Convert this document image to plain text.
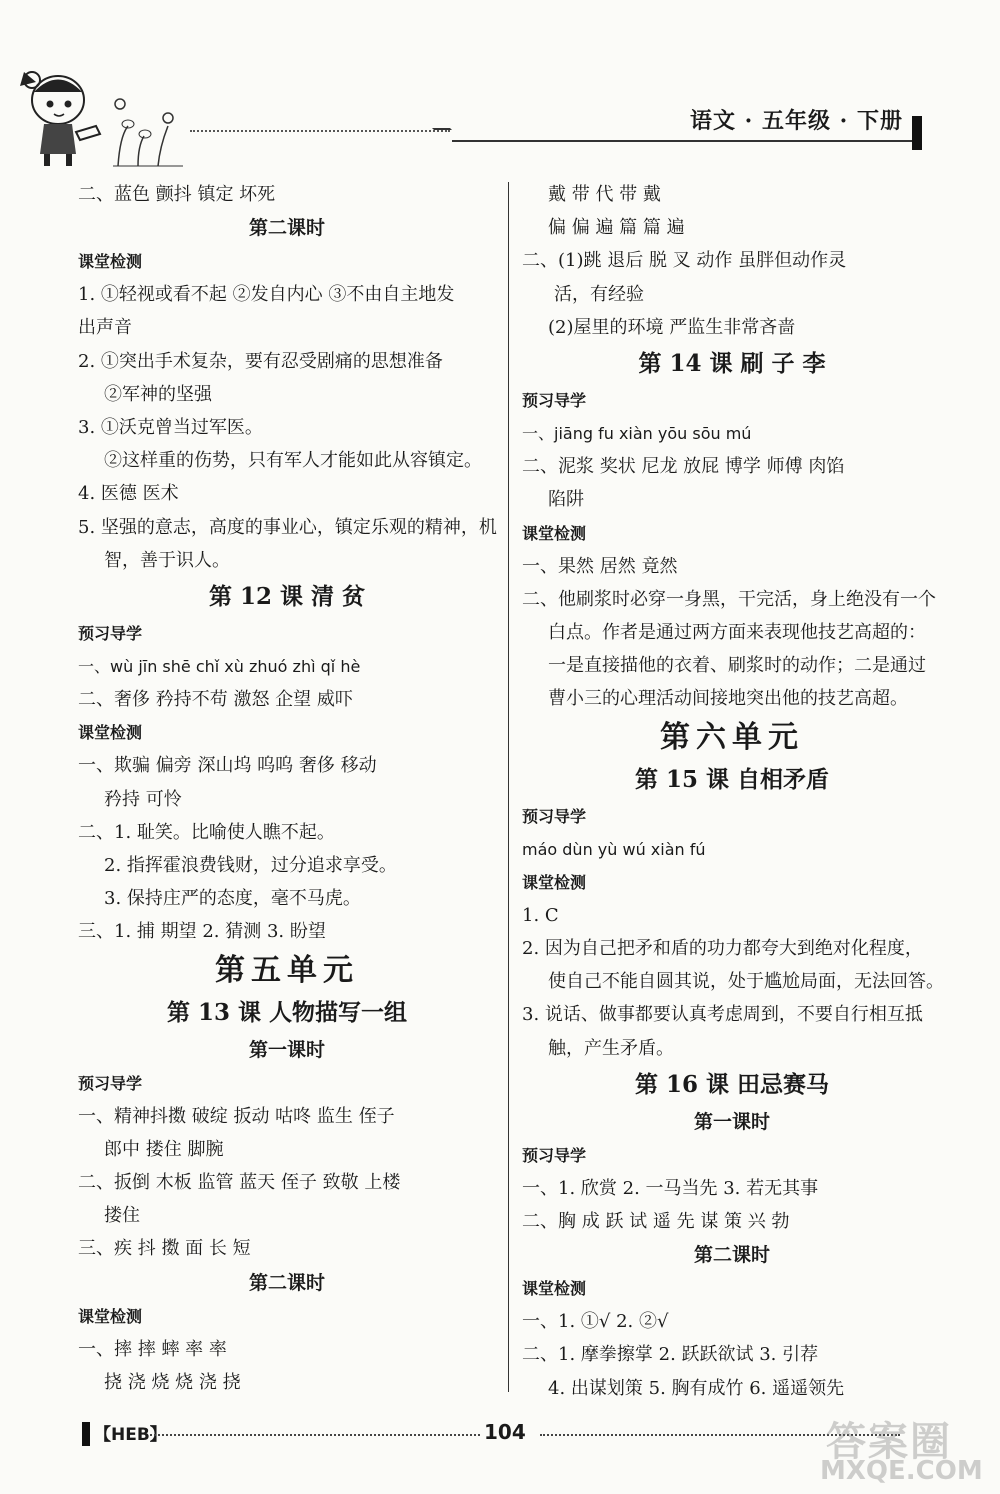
语文 · 五年级 · 下册
二、蓝色 颤抖 镇定 坏死
第二课时
课堂检测
1. ①轻视或看不起 ②发自内心 ③不由自主地发
出声音
2. ①突出手术复杂，要有忍受剧痛的思想准备
②军神的坚强
3. ①沃克曾当过军医。
②这样重的伤势，只有军人才能如此从容镇定。
4. 医德 医术
5. 坚强的意志，高度的事业心，镇定乐观的精神，机
智，善于识人。
第 12 课 清 贫
预习导学
一、wù jīn shē chǐ xù zhuó zhì qǐ hè
二、奢侈 矜持不苟 激怒 企望 威吓
课堂检测
一、欺骗 偏旁 深山坞 呜呜 奢侈 移动
矜持 可怜
二、1. 耻笑。比喻使人瞧不起。
2. 指挥霍浪费钱财，过分追求享受。
3. 保持庄严的态度，毫不马虎。
三、1. 捕 期望 2. 猜测 3. 盼望
第五单元
第 13 课 人物描写一组
第一课时
预习导学
一、精神抖擞 破绽 扳动 咕咚 监生 侄子
郎中 搂住 脚腕
二、扳倒 木板 监管 蓝天 侄子 致敬 上楼
搂住
三、疾 抖 擞 面 长 短
第二课时
课堂检测
一、摔 摔 蟀 率 率
挠 浇 烧 烧 浇 挠
戴 带 代 带 戴
偏 偏 遍 篇 篇 遍
二、(1)跳 退后 脱 叉 动作 虽胖但动作灵
活，有经验
(2)屋里的环境 严监生非常吝啬
第 14 课 刷 子 李
预习导学
一、jiāng fu xiàn yōu sōu mú
二、泥浆 奖状 尼龙 放屁 博学 师傅 肉馅
陷阱
课堂检测
一、果然 居然 竟然
二、他刷浆时必穿一身黑，干完活，身上绝没有一个
白点。作者是通过两方面来表现他技艺高超的：
一是直接描他的衣着、刷浆时的动作；二是通过
曹小三的心理活动间接地突出他的技艺高超。
第六单元
第 15 课 自相矛盾
预习导学
máo dùn yù wú xiàn fú
课堂检测
1. C
2. 因为自己把矛和盾的功力都夸大到绝对化程度，
使自己不能自圆其说，处于尴尬局面，无法回答。
3. 说话、做事都要认真考虑周到，不要自行相互抵
触，产生矛盾。
第 16 课 田忌赛马
第一课时
预习导学
一、1. 欣赏 2. 一马当先 3. 若无其事
二、胸 成 跃 试 遥 先 谋 策 兴 勃
第二课时
课堂检测
一、1. ①√ 2. ②√
二、1. 摩拳擦掌 2. 跃跃欲试 3. 引荐
4. 出谋划策 5. 胸有成竹 6. 遥遥领先
【HEB】	104	答案圈
MXQE.COM
